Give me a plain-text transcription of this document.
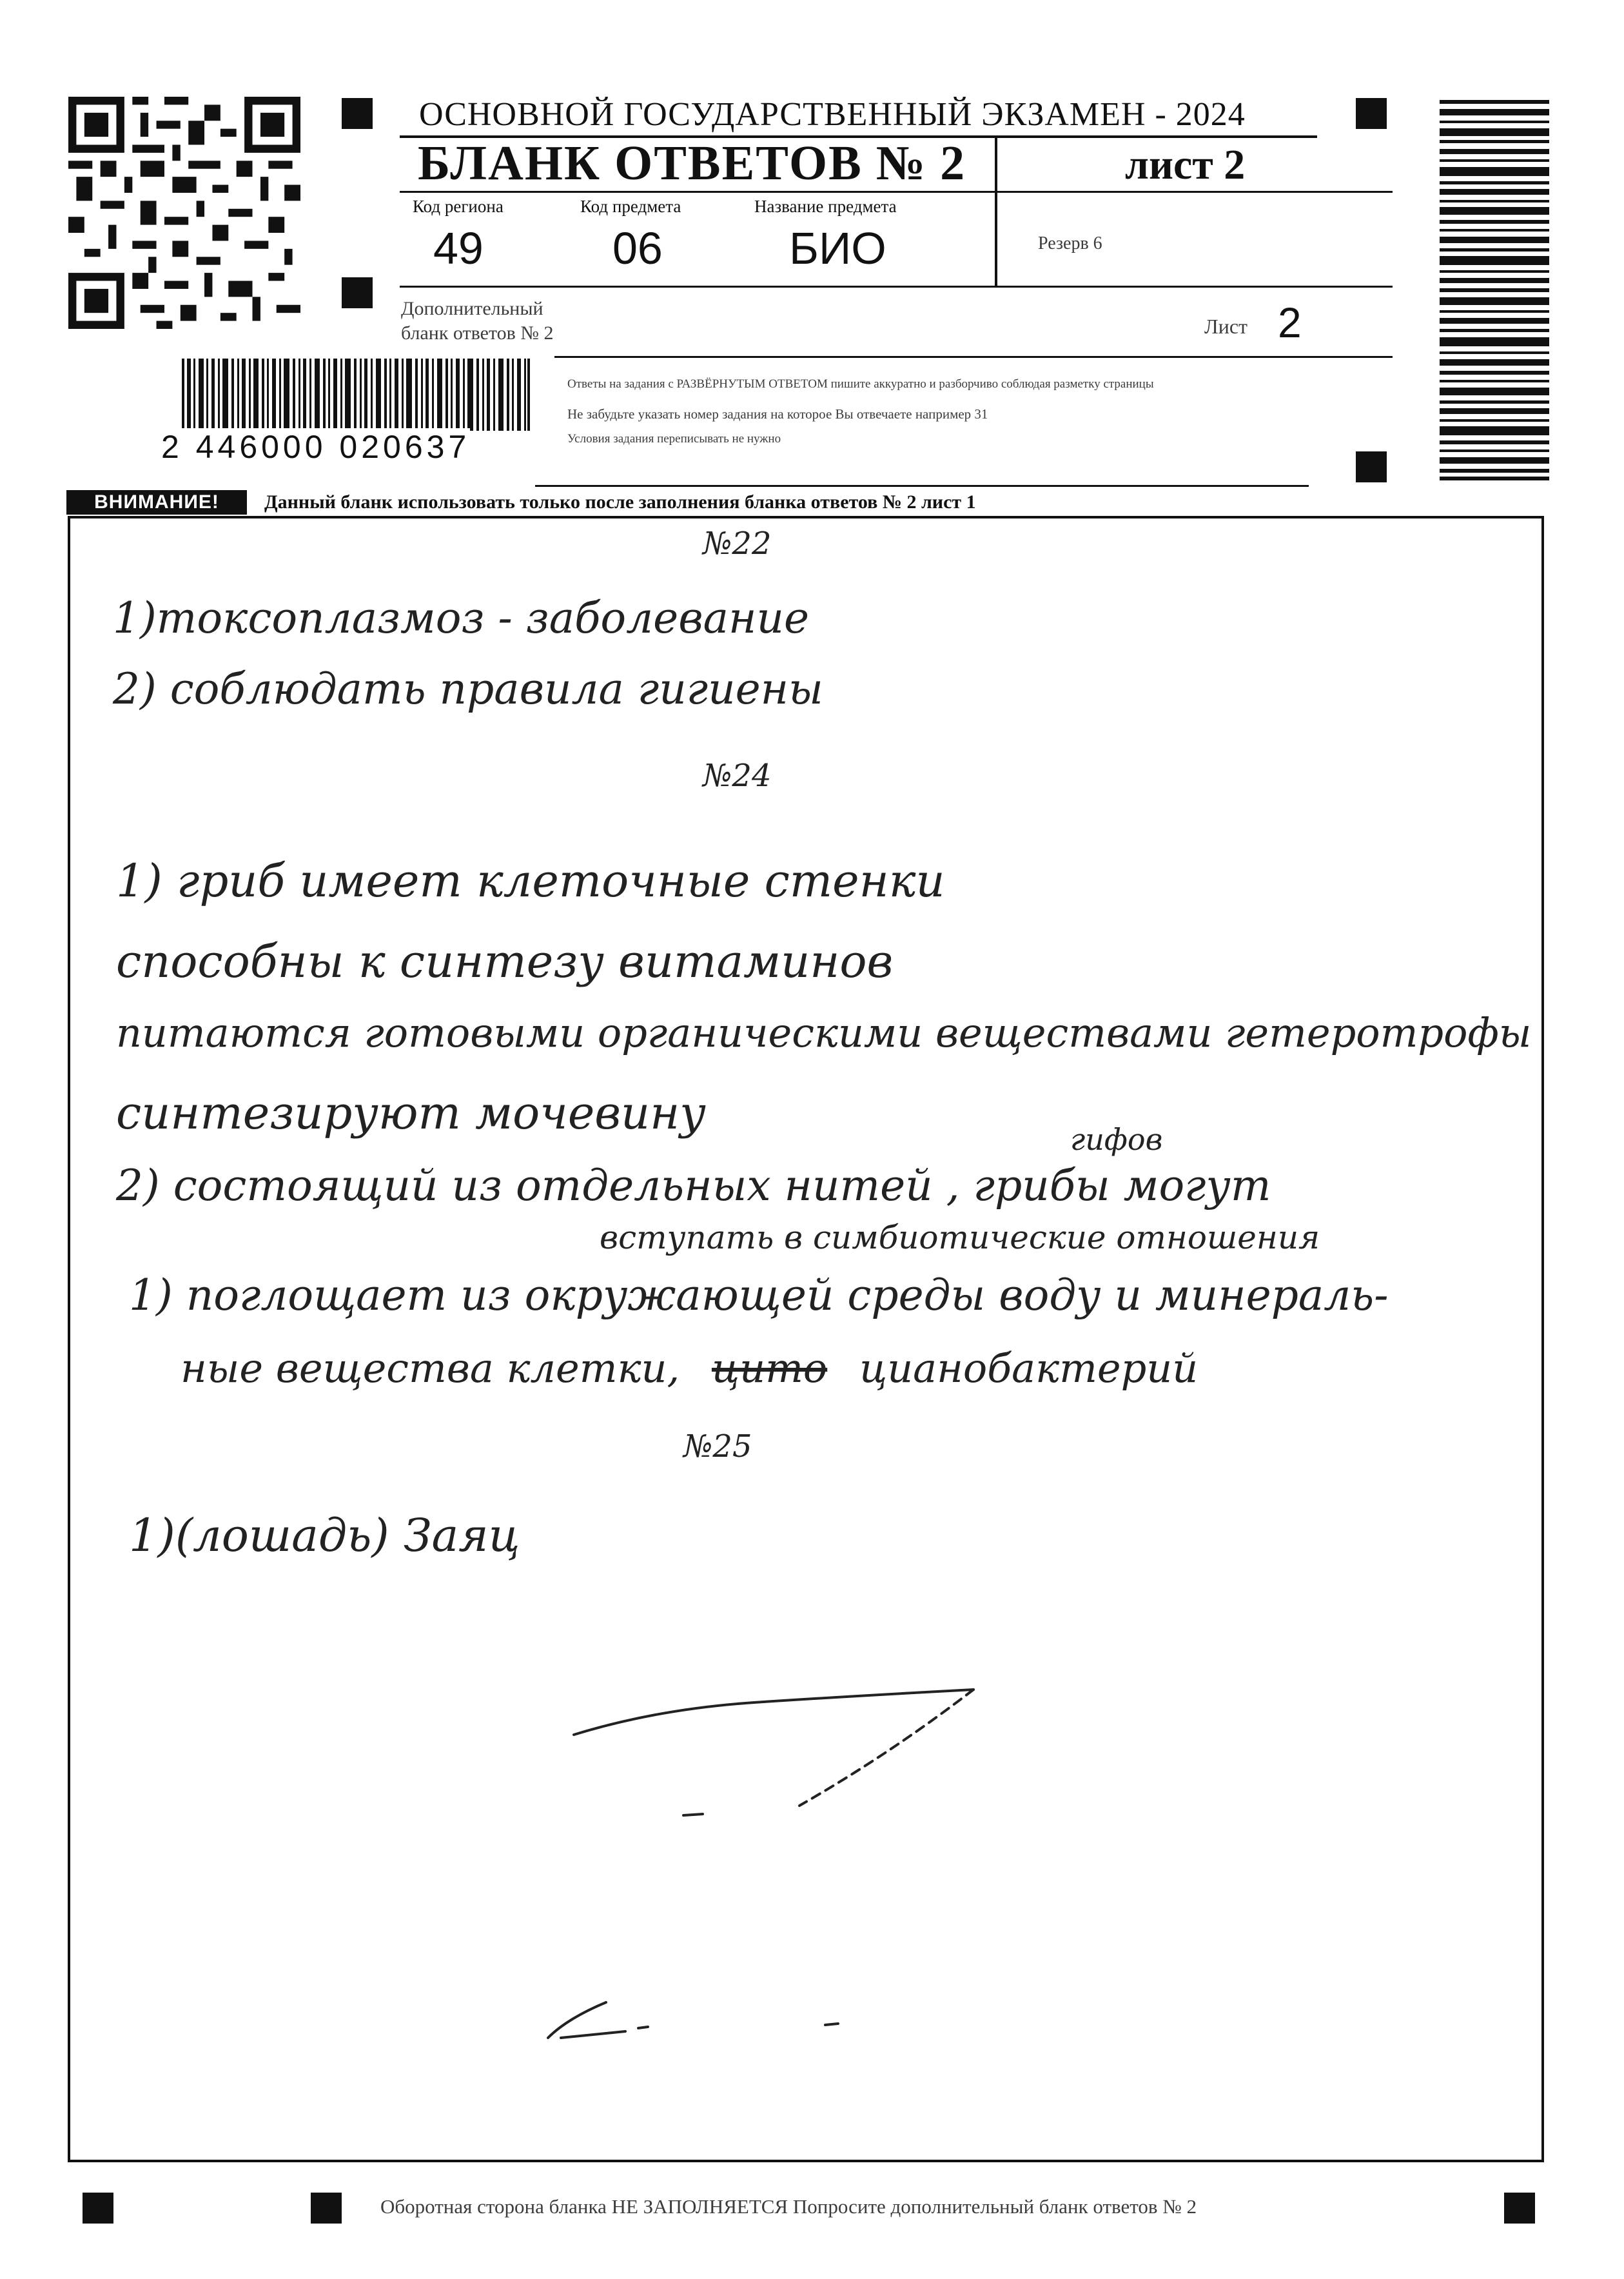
ОСНОВНОЙ ГОСУДАРСТВЕННЫЙ ЭКЗАМЕН - 2024
БЛАНК ОТВЕТОВ № 2	лист 2
Код региона
49
Код предмета
06
Название предмета
БИО	Резерв 6
Дополнительный
бланк ответов № 2	Лист 2
2 446000 020637
Ответы на задания с РАЗВЁРНУТЫМ ОТВЕТОМ пишите аккуратно и разборчиво соблюдая разметку страницы
Не забудьте указать номер задания на которое Вы отвечаете например 31
Условия задания переписывать не нужно
ВНИМАНИЕ!	Данный бланк использовать только после заполнения бланка ответов № 2 лист 1
№22
1)токсоплазмоз - заболевание
2) соблюдать правила гигиены
№24
1) гриб имеет клеточные стенки
способны к синтезу витаминов
питаются готовыми органическими веществами гетеротрофы
синтезируют мочевину	гифов
2) состоящий из отдельных нитей , грибы могут
вступать в симбиотические отношения
1) поглощает из окружающей среды воду и минераль-
ные вещества клетки, цито цианобактерий
№25
1)(лошадь) Заяц
Оборотная сторона бланка НЕ ЗАПОЛНЯЕТСЯ Попросите дополнительный бланк ответов № 2
